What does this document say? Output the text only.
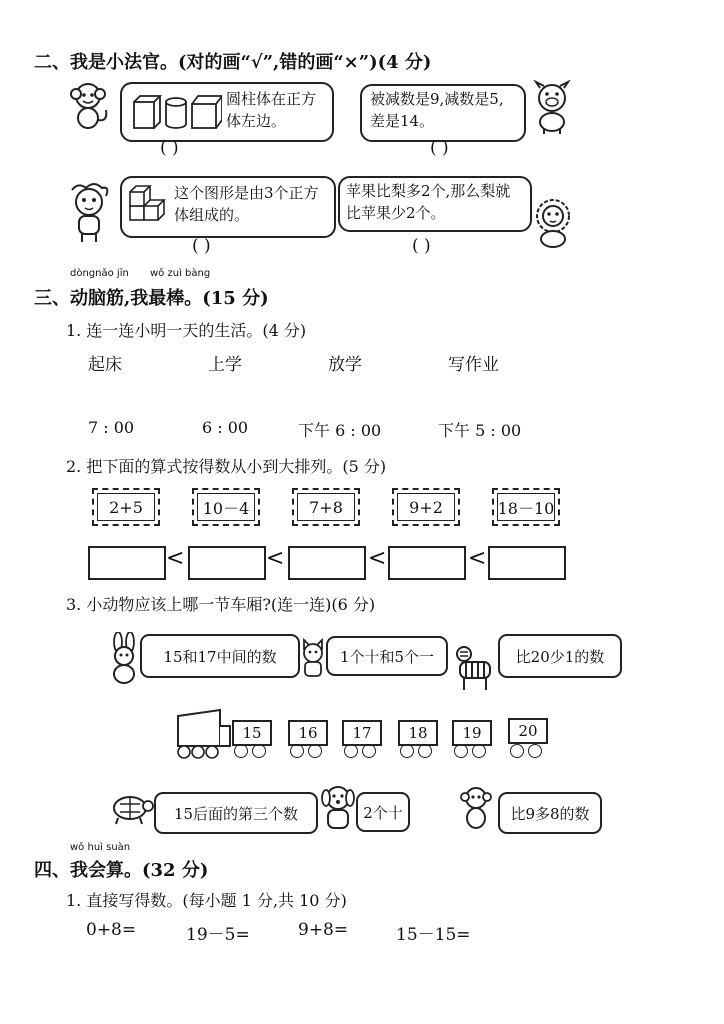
二、我是小法官。(对的画“√”,错的画“×”)(4 分)
圆柱体在正方体左边。
( )
被减数是9,减数是5,差是14。
( )
这个图形是由3个正方体组成的。
( )
苹果比梨多2个,那么梨就比苹果少2个。
( )
dòngnǎo jīn wǒ zuì bàng
三、动脑筋,我最棒。(15 分)
1. 连一连小明一天的生活。(4 分)
起床	上学	放学	写作业
7 : 00	6 : 00	下午 6 : 00	下午 5 : 00
2. 把下面的算式按得数从小到大排列。(5 分)
2+5	10－4	7+8	9+2	18－10
<	<	<	<
3. 小动物应该上哪一节车厢?(连一连)(6 分)
15和17中间的数	1个十和5个一	比20少1的数
15 16 17 18 19 20
15后面的第三个数	2个十	比9多8的数
wǒ huì suàn
四、我会算。(32 分)
1. 直接写得数。(每小题 1 分,共 10 分)
0+8=	19－5=	9+8=	15－15=
